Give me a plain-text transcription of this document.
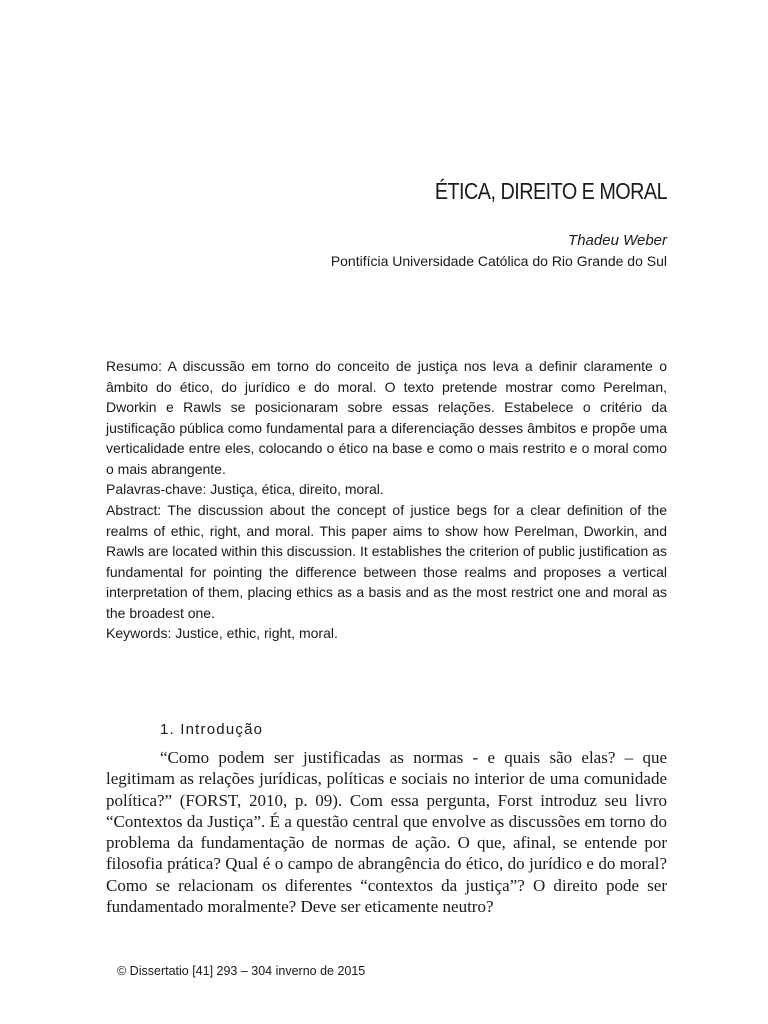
ÉTICA, DIREITO E MORAL
Thadeu Weber
Pontifícia Universidade Católica do Rio Grande do Sul

Resumo: A discussão em torno do conceito de justiça nos leva a definir claramente o âmbito do ético, do jurídico e do moral. O texto pretende mostrar como Perelman, Dworkin e Rawls se posicionaram sobre essas relações. Estabelece o critério da justificação pública como fundamental para a diferenciação desses âmbitos e propõe uma verticalidade entre eles, colocando o ético na base e como o mais restrito e o moral como o mais abrangente.

Palavras-chave: Justiça, ética, direito, moral.

Abstract: The discussion about the concept of justice begs for a clear definition of the realms of ethic, right, and moral. This paper aims to show how Perelman, Dworkin, and Rawls are located within this discussion. It establishes the criterion of public justification as fundamental for pointing the difference between those realms and proposes a vertical interpretation of them, placing ethics as a basis and as the most restrict one and moral as the broadest one.

Keywords: Justice, ethic, right, moral.

1. Introdução

“Como podem ser justificadas as normas - e quais são elas? – que legitimam as relações jurídicas, políticas e sociais no interior de uma comunidade política?” (FORST, 2010, p. 09). Com essa pergunta, Forst introduz seu livro “Contextos da Justiça”. É a questão central que envolve as discussões em torno do problema da fundamentação de normas de ação. O que, afinal, se entende por filosofia prática? Qual é o campo de abrangência do ético, do jurídico e do moral? Como se relacionam os diferentes “contextos da justiça”? O direito pode ser fundamentado moralmente? Deve ser eticamente neutro?

© Dissertatio [41] 293 – 304 inverno de 2015
